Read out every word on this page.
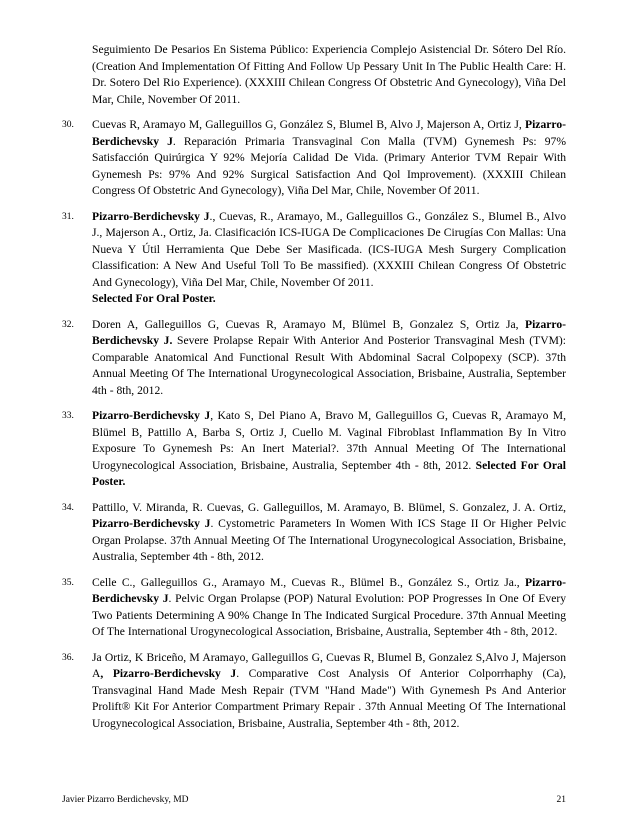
Seguimiento De Pesarios En Sistema Público: Experiencia Complejo Asistencial Dr. Sótero Del Río. (Creation And Implementation Of Fitting And Follow Up Pessary Unit In The Public Health Care: H. Dr. Sotero Del Rio Experience). (XXXIII Chilean Congress Of Obstetric And Gynecology), Viña Del Mar, Chile, November Of 2011.
30. Cuevas R, Aramayo M, Galleguillos G, González S, Blumel B, Alvo J, Majerson A, Ortiz J, Pizarro-Berdichevsky J. Reparación Primaria Transvaginal Con Malla (TVM) Gynemesh Ps: 97% Satisfacción Quirúrgica Y 92% Mejoría Calidad De Vida. (Primary Anterior TVM Repair With Gynemesh Ps: 97% And 92% Surgical Satisfaction And Qol Improvement). (XXXIII Chilean Congress Of Obstetric And Gynecology), Viña Del Mar, Chile, November Of 2011.
31. Pizarro-Berdichevsky J., Cuevas, R., Aramayo, M., Galleguillos G., González S., Blumel B., Alvo J., Majerson A., Ortiz, Ja. Clasificación ICS-IUGA De Complicaciones De Cirugías Con Mallas: Una Nueva Y Útil Herramienta Que Debe Ser Masificada. (ICS-IUGA Mesh Surgery Complication Classification: A New And Useful Toll To Be massified). (XXXIII Chilean Congress Of Obstetric And Gynecology), Viña Del Mar, Chile, November Of 2011.
Selected For Oral Poster.
32. Doren A, Galleguillos G, Cuevas R, Aramayo M, Blümel B, Gonzalez S, Ortiz Ja, Pizarro-Berdichevsky J. Severe Prolapse Repair With Anterior And Posterior Transvaginal Mesh (TVM): Comparable Anatomical And Functional Result With Abdominal Sacral Colpopexy (SCP). 37th Annual Meeting Of The International Urogynecological Association, Brisbaine, Australia, September 4th - 8th, 2012.
33. Pizarro-Berdichevsky J, Kato S, Del Piano A, Bravo M, Galleguillos G, Cuevas R, Aramayo M, Blümel B, Pattillo A, Barba S, Ortiz J, Cuello M. Vaginal Fibroblast Inflammation By In Vitro Exposure To Gynemesh Ps: An Inert Material?. 37th Annual Meeting Of The International Urogynecological Association, Brisbaine, Australia, September 4th - 8th, 2012. Selected For Oral Poster.
34. Pattillo, V. Miranda, R. Cuevas, G. Galleguillos, M. Aramayo, B. Blümel, S. Gonzalez, J. A. Ortiz, Pizarro-Berdichevsky J. Cystometric Parameters In Women With ICS Stage II Or Higher Pelvic Organ Prolapse. 37th Annual Meeting Of The International Urogynecological Association, Brisbaine, Australia, September 4th - 8th, 2012.
35. Celle C., Galleguillos G., Aramayo M., Cuevas R., Blümel B., González S., Ortiz Ja., Pizarro-Berdichevsky J. Pelvic Organ Prolapse (POP) Natural Evolution: POP Progresses In One Of Every Two Patients Determining A 90% Change In The Indicated Surgical Procedure. 37th Annual Meeting Of The International Urogynecological Association, Brisbaine, Australia, September 4th - 8th, 2012.
36. Ja Ortiz, K Briceño, M Aramayo, Galleguillos G, Cuevas R, Blumel B, Gonzalez S,Alvo J, Majerson A, Pizarro-Berdichevsky J. Comparative Cost Analysis Of Anterior Colporrhaphy (Ca), Transvaginal Hand Made Mesh Repair (TVM "Hand Made") With Gynemesh Ps And Anterior Prolift® Kit For Anterior Compartment Primary Repair . 37th Annual Meeting Of The International Urogynecological Association, Brisbaine, Australia, September 4th - 8th, 2012.
Javier Pizarro Berdichevsky, MD	21
